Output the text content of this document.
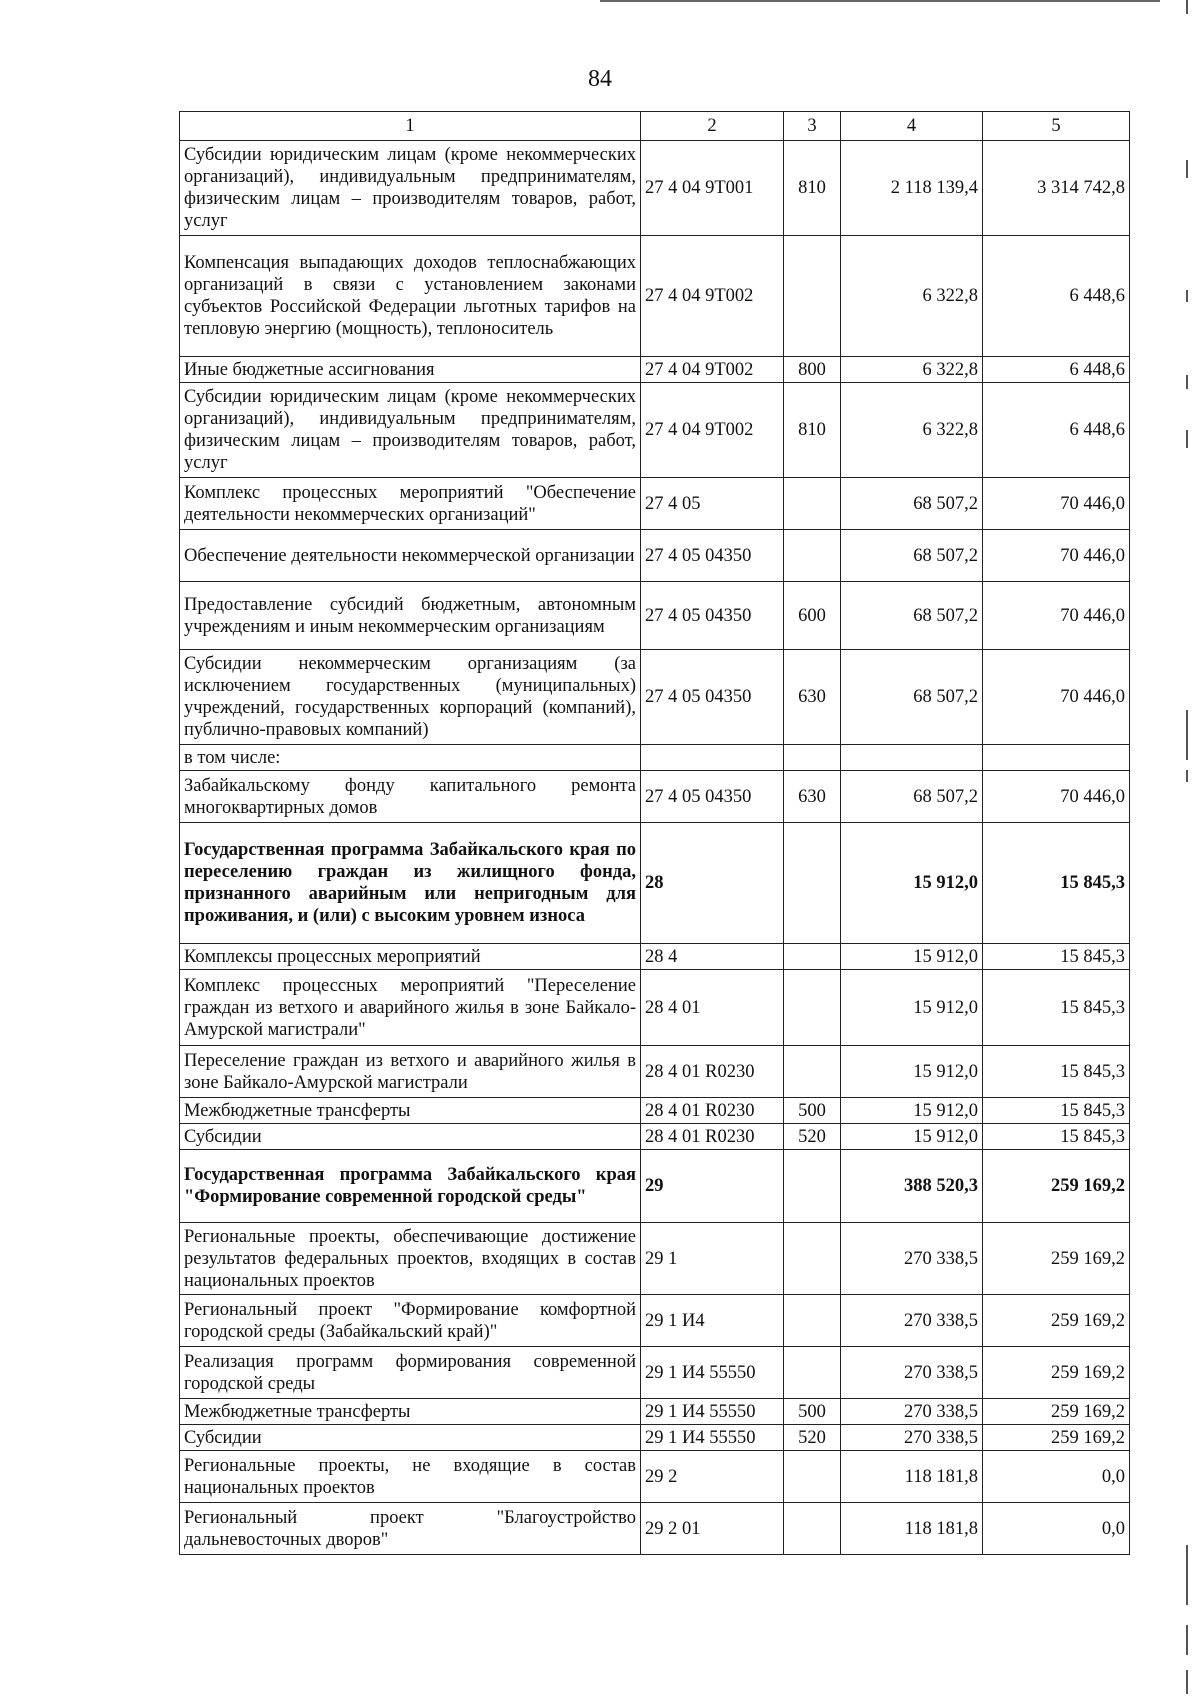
84
1	2	3	4	5
Субсидии юридическим лицам (кроме некоммерческих организаций), индивидуальным предпринимателям, физическим лицам – производителям товаров, работ, услуг	27 4 04 9Т001	810	2 118 139,4	3 314 742,8
Компенсация выпадающих доходов теплоснабжающих организаций в связи с установлением законами субъектов Российской Федерации льготных тарифов на тепловую энергию (мощность), теплоноситель	27 4 04 9Т002		6 322,8	6 448,6
Иные бюджетные ассигнования	27 4 04 9Т002	800	6 322,8	6 448,6
Субсидии юридическим лицам (кроме некоммерческих организаций), индивидуальным предпринимателям, физическим лицам – производителям товаров, работ, услуг	27 4 04 9Т002	810	6 322,8	6 448,6
Комплекс процессных мероприятий "Обеспечение деятельности некоммерческих организаций"	27 4 05		68 507,2	70 446,0
Обеспечение деятельности некоммерческой организации	27 4 05 04350		68 507,2	70 446,0
Предоставление субсидий бюджетным, автономным учреждениям и иным некоммерческим организациям	27 4 05 04350	600	68 507,2	70 446,0
Субсидии некоммерческим организациям (за исключением государственных (муниципальных) учреждений, государственных корпораций (компаний), публично-правовых компаний)	27 4 05 04350	630	68 507,2	70 446,0
в том числе:				
Забайкальскому фонду капитального ремонта многоквартирных домов	27 4 05 04350	630	68 507,2	70 446,0
Государственная программа Забайкальского края по переселению граждан из жилищного фонда, признанного аварийным или непригодным для проживания, и (или) с высоким уровнем износа	28		15 912,0	15 845,3
Комплексы процессных мероприятий	28 4		15 912,0	15 845,3
Комплекс процессных мероприятий "Переселение граждан из ветхого и аварийного жилья в зоне Байкало-Амурской магистрали"	28 4 01		15 912,0	15 845,3
Переселение граждан из ветхого и аварийного жилья в зоне Байкало-Амурской магистрали	28 4 01 R0230		15 912,0	15 845,3
Межбюджетные трансферты	28 4 01 R0230	500	15 912,0	15 845,3
Субсидии	28 4 01 R0230	520	15 912,0	15 845,3
Государственная программа Забайкальского края "Формирование современной городской среды"	29		388 520,3	259 169,2
Региональные проекты, обеспечивающие достижение результатов федеральных проектов, входящих в состав национальных проектов	29 1		270 338,5	259 169,2
Региональный проект "Формирование комфортной городской среды (Забайкальский край)"	29 1 И4		270 338,5	259 169,2
Реализация программ формирования современной городской среды	29 1 И4 55550		270 338,5	259 169,2
Межбюджетные трансферты	29 1 И4 55550	500	270 338,5	259 169,2
Субсидии	29 1 И4 55550	520	270 338,5	259 169,2
Региональные проекты, не входящие в состав национальных проектов	29 2		118 181,8	0,0
Региональный проект "Благоустройство дальневосточных дворов"	29 2 01		118 181,8	0,0
